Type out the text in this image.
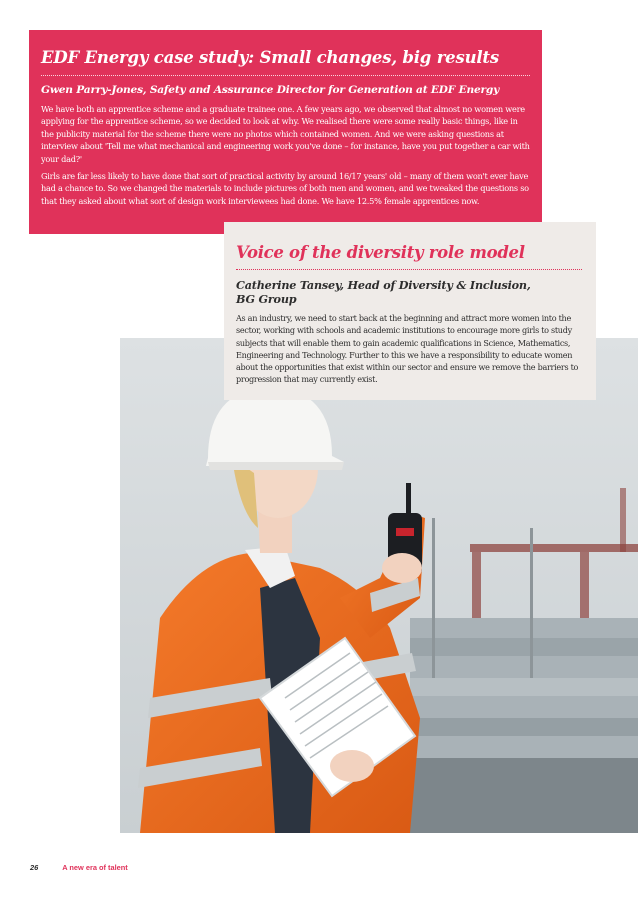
EDF Energy case study: Small changes, big results
Gwen Parry-Jones, Safety and Assurance Director for Generation at EDF Energy

We have both an apprentice scheme and a graduate trainee one. A few years ago, we observed that almost no women were applying for the apprentice scheme, so we decided to look at why. We realised there were some really basic things, like in the publicity material for the scheme there were no photos which contained women. And we were asking questions at interview about 'Tell me what mechanical and engineering work you've done – for instance, have you put together a car with your dad?'

Girls are far less likely to have done that sort of practical activity by around 16/17 years' old – many of them won't ever have had a chance to. So we changed the materials to include pictures of both men and women, and we tweaked the questions so that they asked about what sort of design work interviewees had done. We have 12.5% female apprentices now.

Voice of the diversity role model
Catherine Tansey, Head of Diversity & Inclusion, BG Group

As an industry, we need to start back at the beginning and attract more women into the sector, working with schools and academic institutions to encourage more girls to study subjects that will enable them to gain academic qualifications in Science, Mathematics, Engineering and Technology. Further to this we have a responsibility to educate women about the opportunities that exist within our sector and ensure we remove the barriers to progression that may currently exist.

26	A new era of talent
